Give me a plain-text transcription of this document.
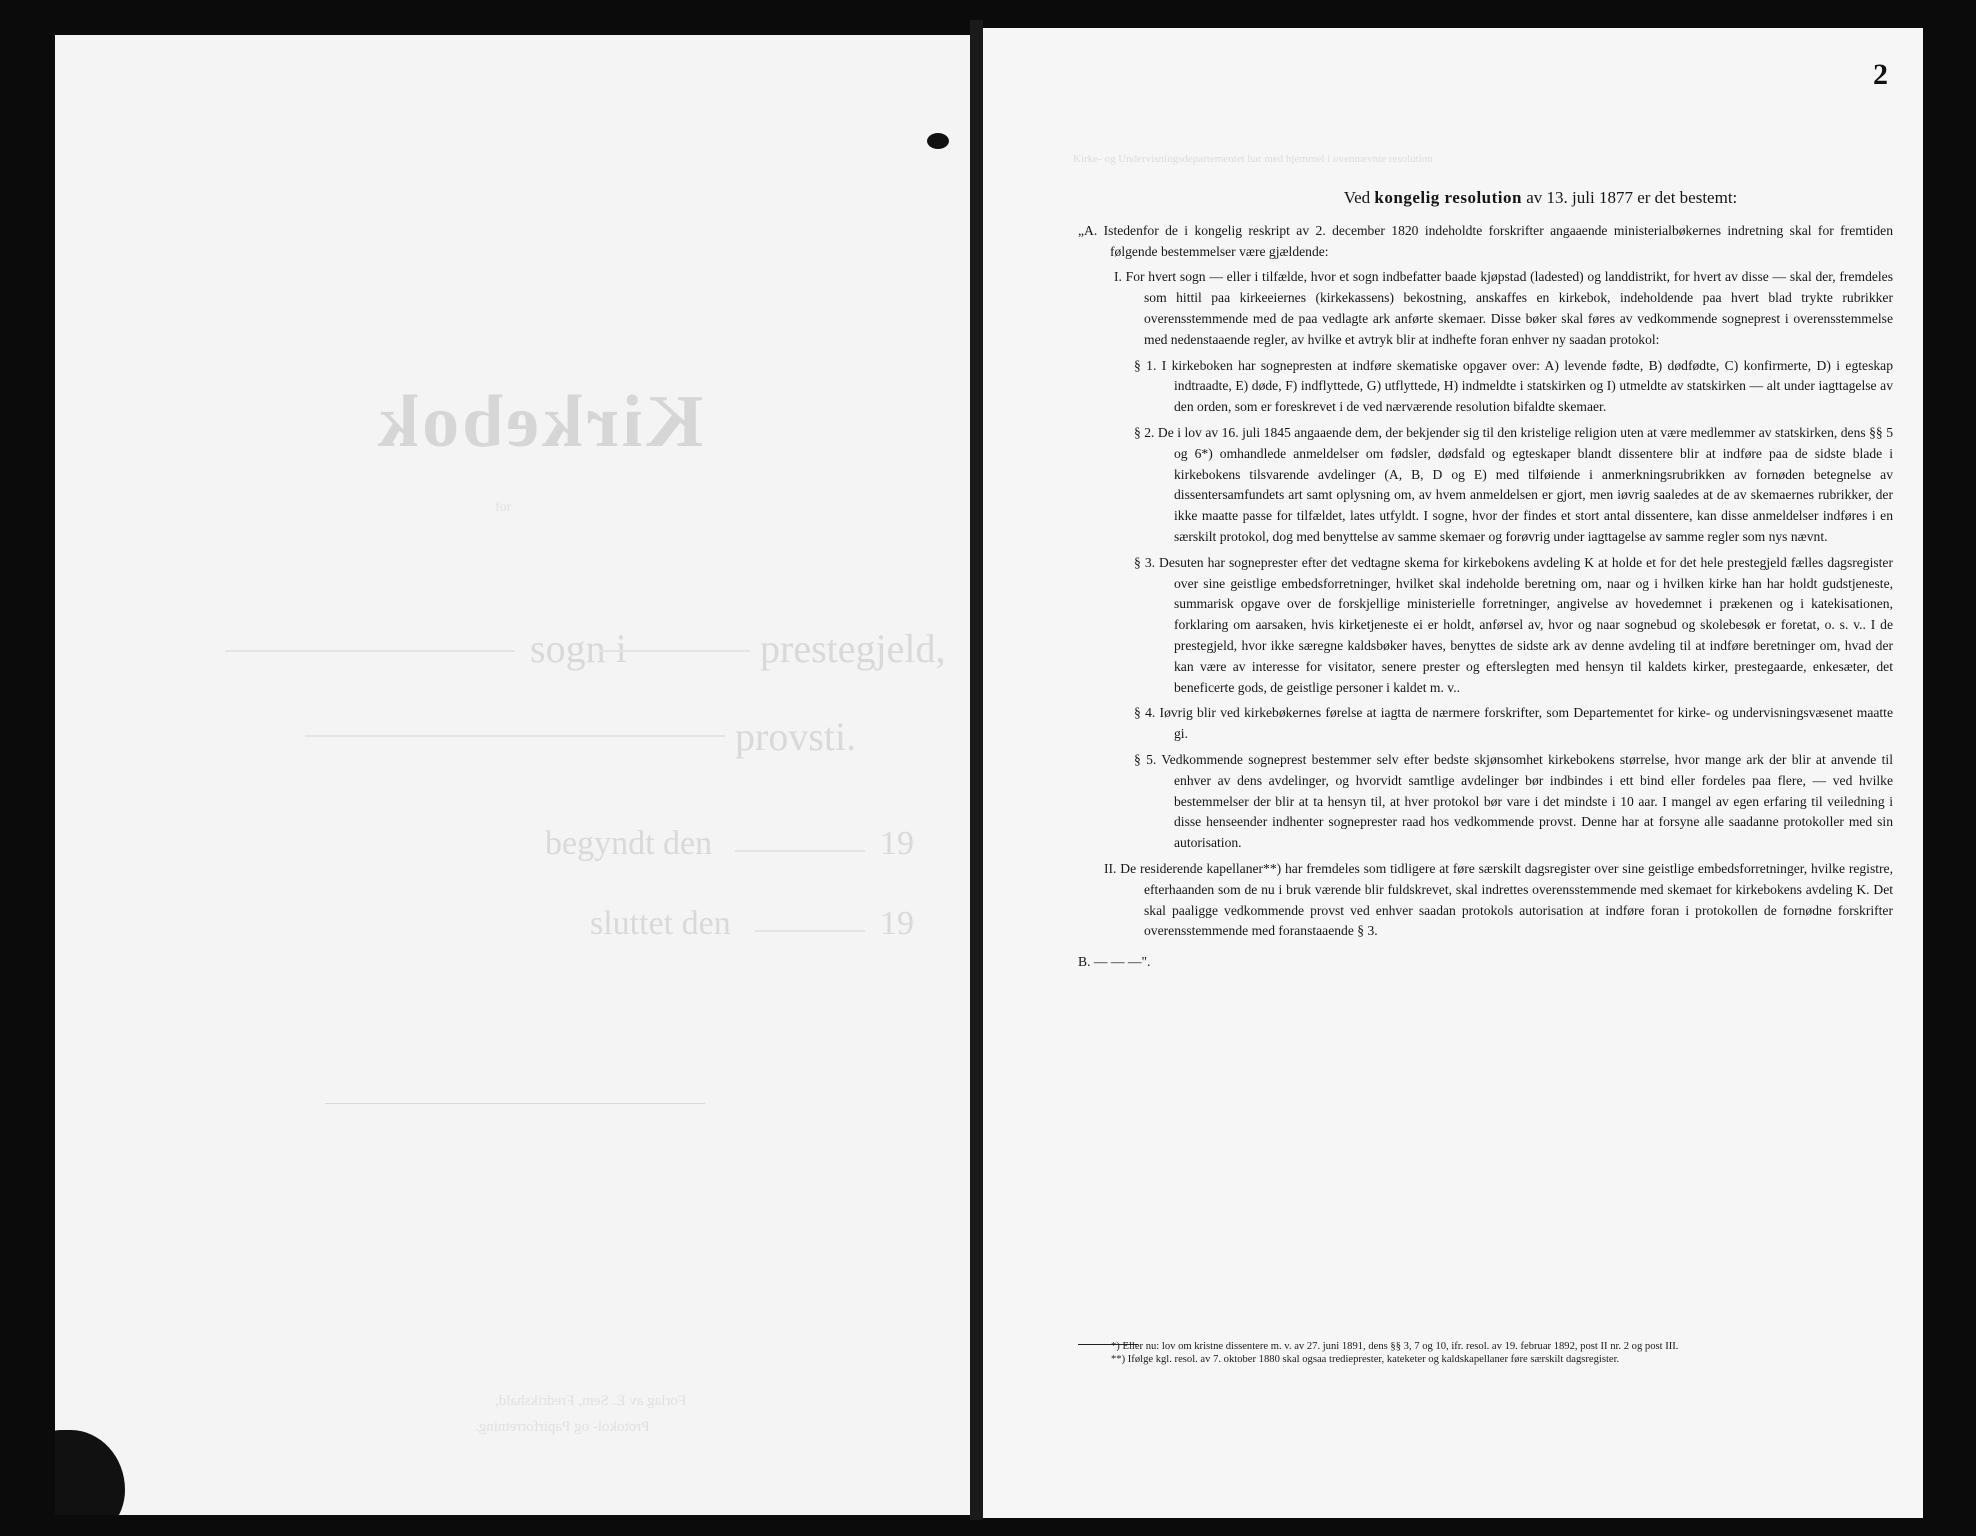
Kirkebok
for
sogn i	prestegjeld,
provsti.
begyndt den	19
sluttet den	19
Forlag av E. Sem, Fredrikshald,
Protokol- og Papirforretning.
2
Kirke- og Undervisningsdepartementet har med hjemmel i ovennævnte resolution

Ved kongelig resolution av 13. juli 1877 er det bestemt:

„A. Istedenfor de i kongelig reskript av 2. december 1820 indeholdte forskrifter angaaende ministerialbøkernes indretning skal for fremtiden følgende bestemmelser være gjældende:

I. For hvert sogn — eller i tilfælde, hvor et sogn indbefatter baade kjøpstad (ladested) og landdistrikt, for hvert av disse — skal der, fremdeles som hittil paa kirkeeiernes (kirkekassens) bekostning, anskaffes en kirkebok, indeholdende paa hvert blad trykte rubrikker overensstemmende med de paa vedlagte ark anførte skemaer. Disse bøker skal føres av vedkommende sogneprest i overensstemmelse med nedenstaaende regler, av hvilke et avtryk blir at indhefte foran enhver ny saadan protokol:

§ 1. I kirkeboken har sognepresten at indføre skematiske opgaver over: A) levende fødte, B) dødfødte, C) konfirmerte, D) i egteskap indtraadte, E) døde, F) indflyttede, G) utflyttede, H) indmeldte i statskirken og I) utmeldte av statskirken — alt under iagttagelse av den orden, som er foreskrevet i de ved nærværende resolution bifaldte skemaer.

§ 2. De i lov av 16. juli 1845 angaaende dem, der bekjender sig til den kristelige religion uten at være medlemmer av statskirken, dens §§ 5 og 6*) omhandlede anmeldelser om fødsler, dødsfald og egteskaper blandt dissentere blir at indføre paa de sidste blade i kirkebokens tilsvarende avdelinger (A, B, D og E) med tilføiende i anmerkningsrubrikken av fornøden betegnelse av dissentersamfundets art samt oplysning om, av hvem anmeldelsen er gjort, men iøvrig saaledes at de av skemaernes rubrikker, der ikke maatte passe for tilfældet, lates utfyldt. I sogne, hvor der findes et stort antal dissentere, kan disse anmeldelser indføres i en særskilt protokol, dog med benyttelse av samme skemaer og forøvrig under iagttagelse av samme regler som nys nævnt.

§ 3. Desuten har sogneprester efter det vedtagne skema for kirkebokens avdeling K at holde et for det hele prestegjeld fælles dagsregister over sine geistlige embedsforretninger, hvilket skal indeholde beretning om, naar og i hvilken kirke han har holdt gudstjeneste, summarisk opgave over de forskjellige ministerielle forretninger, angivelse av hovedemnet i prækenen og i katekisationen, forklaring om aarsaken, hvis kirketjeneste ei er holdt, anførsel av, hvor og naar sognebud og skolebesøk er foretat, o. s. v.. I de prestegjeld, hvor ikke særegne kaldsbøker haves, benyttes de sidste ark av denne avdeling til at indføre beretninger om, hvad der kan være av interesse for visitator, senere prester og efterslegten med hensyn til kaldets kirker, prestegaarde, enkesæter, det beneficerte gods, de geistlige personer i kaldet m. v..

§ 4. Iøvrig blir ved kirkebøkernes førelse at iagtta de nærmere forskrifter, som Departementet for kirke- og undervisningsvæsenet maatte gi.

§ 5. Vedkommende sogneprest bestemmer selv efter bedste skjønsomhet kirkebokens størrelse, hvor mange ark der blir at anvende til enhver av dens avdelinger, og hvorvidt samtlige avdelinger bør indbindes i ett bind eller fordeles paa flere, — ved hvilke bestemmelser der blir at ta hensyn til, at hver protokol bør vare i det mindste i 10 aar. I mangel av egen erfaring til veiledning i disse henseender indhenter sogneprester raad hos vedkommende provst. Denne har at forsyne alle saadanne protokoller med sin autorisation.

II. De residerende kapellaner**) har fremdeles som tidligere at føre særskilt dagsregister over sine geistlige embedsforretninger, hvilke registre, efterhaanden som de nu i bruk værende blir fuldskrevet, skal indrettes overensstemmende med skemaet for kirkebokens avdeling K. Det skal paaligge vedkommende provst ved enhver saadan protokols autorisation at indføre foran i protokollen de fornødne forskrifter overensstemmende med foranstaaende § 3.

B. — — —".

*) Eller nu: lov om kristne dissentere m. v. av 27. juni 1891, dens §§ 3, 7 og 10, ifr. resol. av 19. februar 1892, post II nr. 2 og post III.

**) Ifølge kgl. resol. av 7. oktober 1880 skal ogsaa tredieprester, kateketer og kaldskapellaner føre særskilt dagsregister.
